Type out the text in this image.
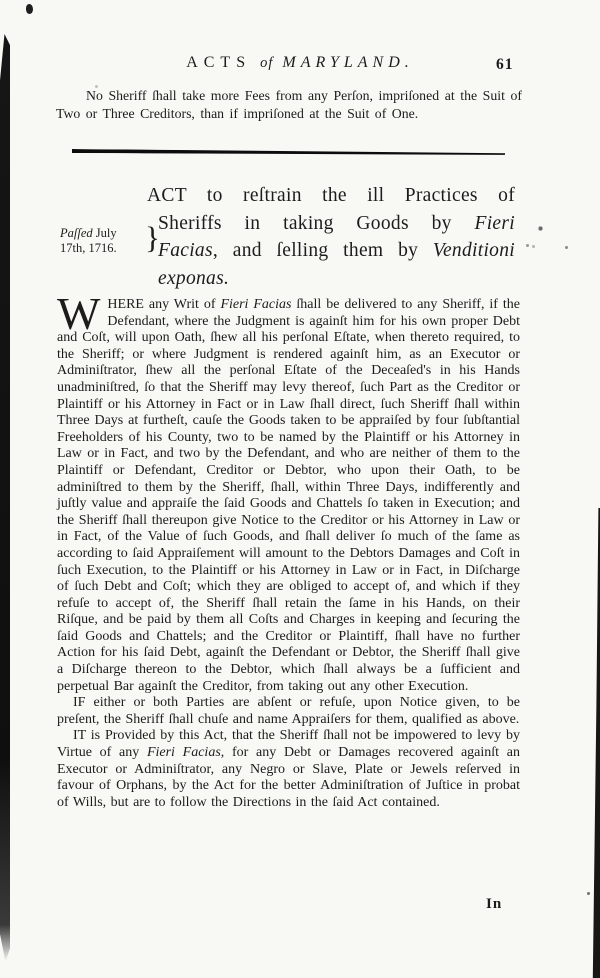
ACTS of MARYLAND.	61

No Sheriff ſhall take more Fees from any Perſon, impriſoned at the Suit of Two or Three Creditors, than if impriſoned at the Suit of One.

ACT to reſtrain the ill Practices of Sheriffs in taking Goods by Fieri Facias, and ſelling them by Venditioni exponas.
Paſſed July
17th, 1716. }

WHERE any Writ of Fieri Facias ſhall be delivered to any Sheriff, if the Defendant, where the Judgment is againſt him for his own proper Debt and Coſt, will upon Oath, ſhew all his perſonal Eſtate, when thereto required, to the Sheriff; or where Judgment is rendered againſt him, as an Executor or Adminiſtrator, ſhew all the perſonal Eſtate of the Deceaſed's in his Hands unadminiſtred, ſo that the Sheriff may levy thereof, ſuch Part as the Creditor or Plaintiff or his Attorney in Fact or in Law ſhall direct, ſuch Sheriff ſhall within Three Days at furtheſt, cauſe the Goods taken to be appraiſed by four ſubſtantial Freeholders of his County, two to be named by the Plaintiff or his Attorney in Law or in Fact, and two by the Defendant, and who are neither of them to the Plaintiff or Defendant, Creditor or Debtor, who upon their Oath, to be adminiſtred to them by the Sheriff, ſhall, within Three Days, indifferently and juſtly value and appraiſe the ſaid Goods and Chattels ſo taken in Execution; and the Sheriff ſhall thereupon give Notice to the Creditor or his Attorney in Law or in Fact, of the Value of ſuch Goods, and ſhall deliver ſo much of the ſame as according to ſaid Appraiſement will amount to the Debtors Damages and Coſt in ſuch Execution, to the Plaintiff or his Attorney in Law or in Fact, in Diſcharge of ſuch Debt and Coſt; which they are obliged to accept of, and which if they refuſe to accept of, the Sheriff ſhall retain the ſame in his Hands, on their Riſque, and be paid by them all Coſts and Charges in keeping and ſecuring the ſaid Goods and Chattels; and the Creditor or Plaintiff, ſhall have no further Action for his ſaid Debt, againſt the Defendant or Debtor, the Sheriff ſhall give a Diſcharge thereon to the Debtor, which ſhall always be a ſufficient and perpetual Bar againſt the Creditor, from taking out any other Execution.

IF either or both Parties are abſent or refuſe, upon Notice given, to be preſent, the Sheriff ſhall chuſe and name Appraiſers for them, qualified as above.

IT is Provided by this Act, that the Sheriff ſhall not be impowered to levy by Virtue of any Fieri Facias, for any Debt or Damages recovered againſt an Executor or Adminiſtrator, any Negro or Slave, Plate or Jewels reſerved in favour of Orphans, by the Act for the better Adminiſtration of Juſtice in probat of Wills, but are to follow the Directions in the ſaid Act contained.

In
